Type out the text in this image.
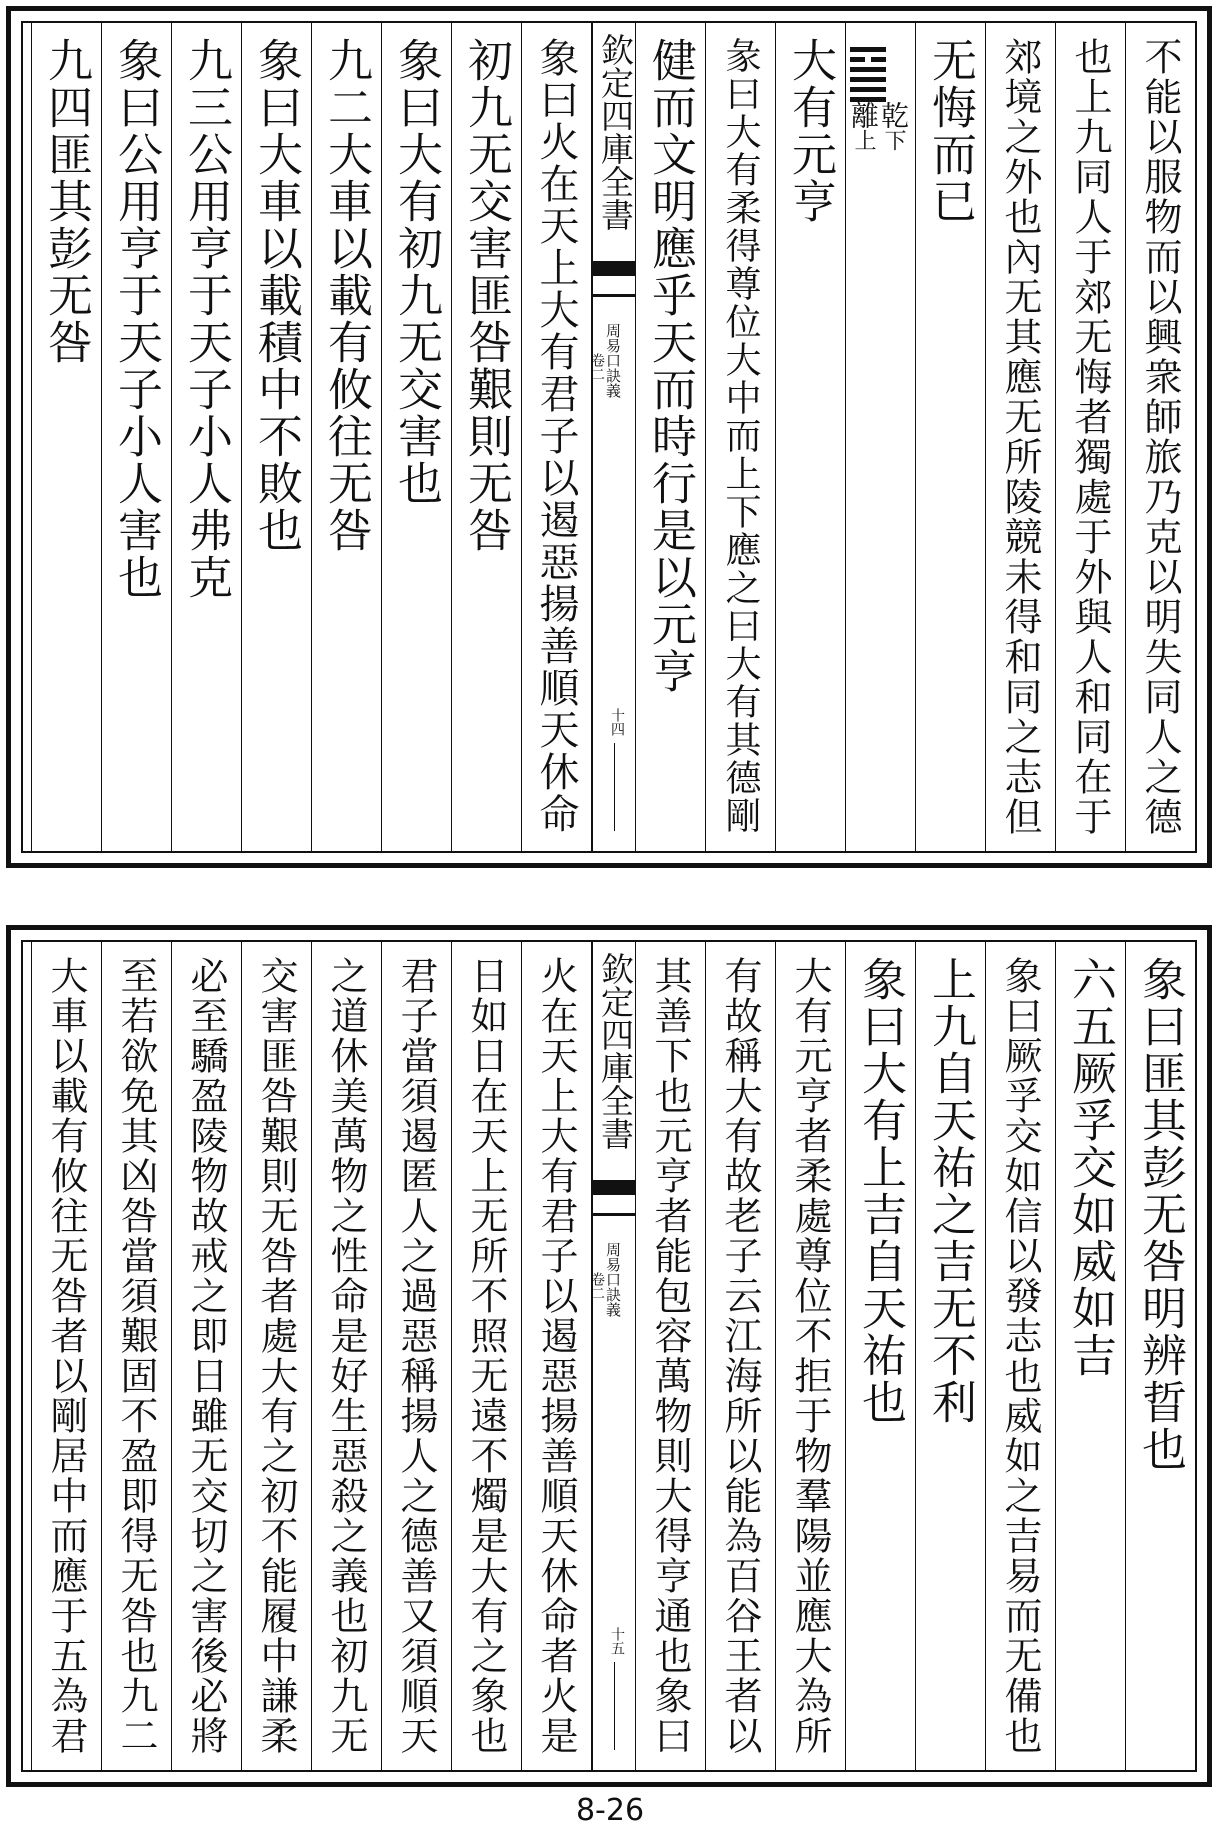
不能以服物而以興衆師旅乃克以明失同人之德
也上九同人于郊无悔者獨處于外與人和同在于
郊境之外也內无其應无所陵競未得和同之志但
无悔而已
乾下
離上
大有元亨
彖曰大有柔得尊位大中而上下應之曰大有其德剛
健而文明應乎天而時行是以元亨
欽定四庫全書
周易口訣義
卷二
十四
象曰火在天上大有君子以遏惡揚善順天休命
初九无交害匪咎艱則无咎
象曰大有初九无交害也
九二大車以載有攸往无咎
象曰大車以載積中不敗也
九三公用亨于天子小人弗克
象曰公用亨于天子小人害也
九四匪其彭无咎
象曰匪其彭无咎明辨晢也
六五厥孚交如威如吉
象曰厥孚交如信以發志也威如之吉易而无備也
上九自天祐之吉无不利
象曰大有上吉自天祐也
大有元亨者柔處尊位不拒于物羣陽並應大為所
有故稱大有故老子云江海所以能為百谷王者以
其善下也元亨者能包容萬物則大得亨通也象曰
欽定四庫全書
周易口訣義
卷二
十五
火在天上大有君子以遏惡揚善順天休命者火是
日如日在天上无所不照无遠不燭是大有之象也
君子當須遏匿人之過惡稱揚人之德善又須順天
之道休美萬物之性命是好生惡殺之義也初九无
交害匪咎艱則无咎者處大有之初不能履中謙柔
必至驕盈陵物故戒之即日雖无交切之害後必將
至若欲免其凶咎當須艱固不盈即得无咎也九二
大車以載有攸往无咎者以剛居中而應于五為君
8-26
